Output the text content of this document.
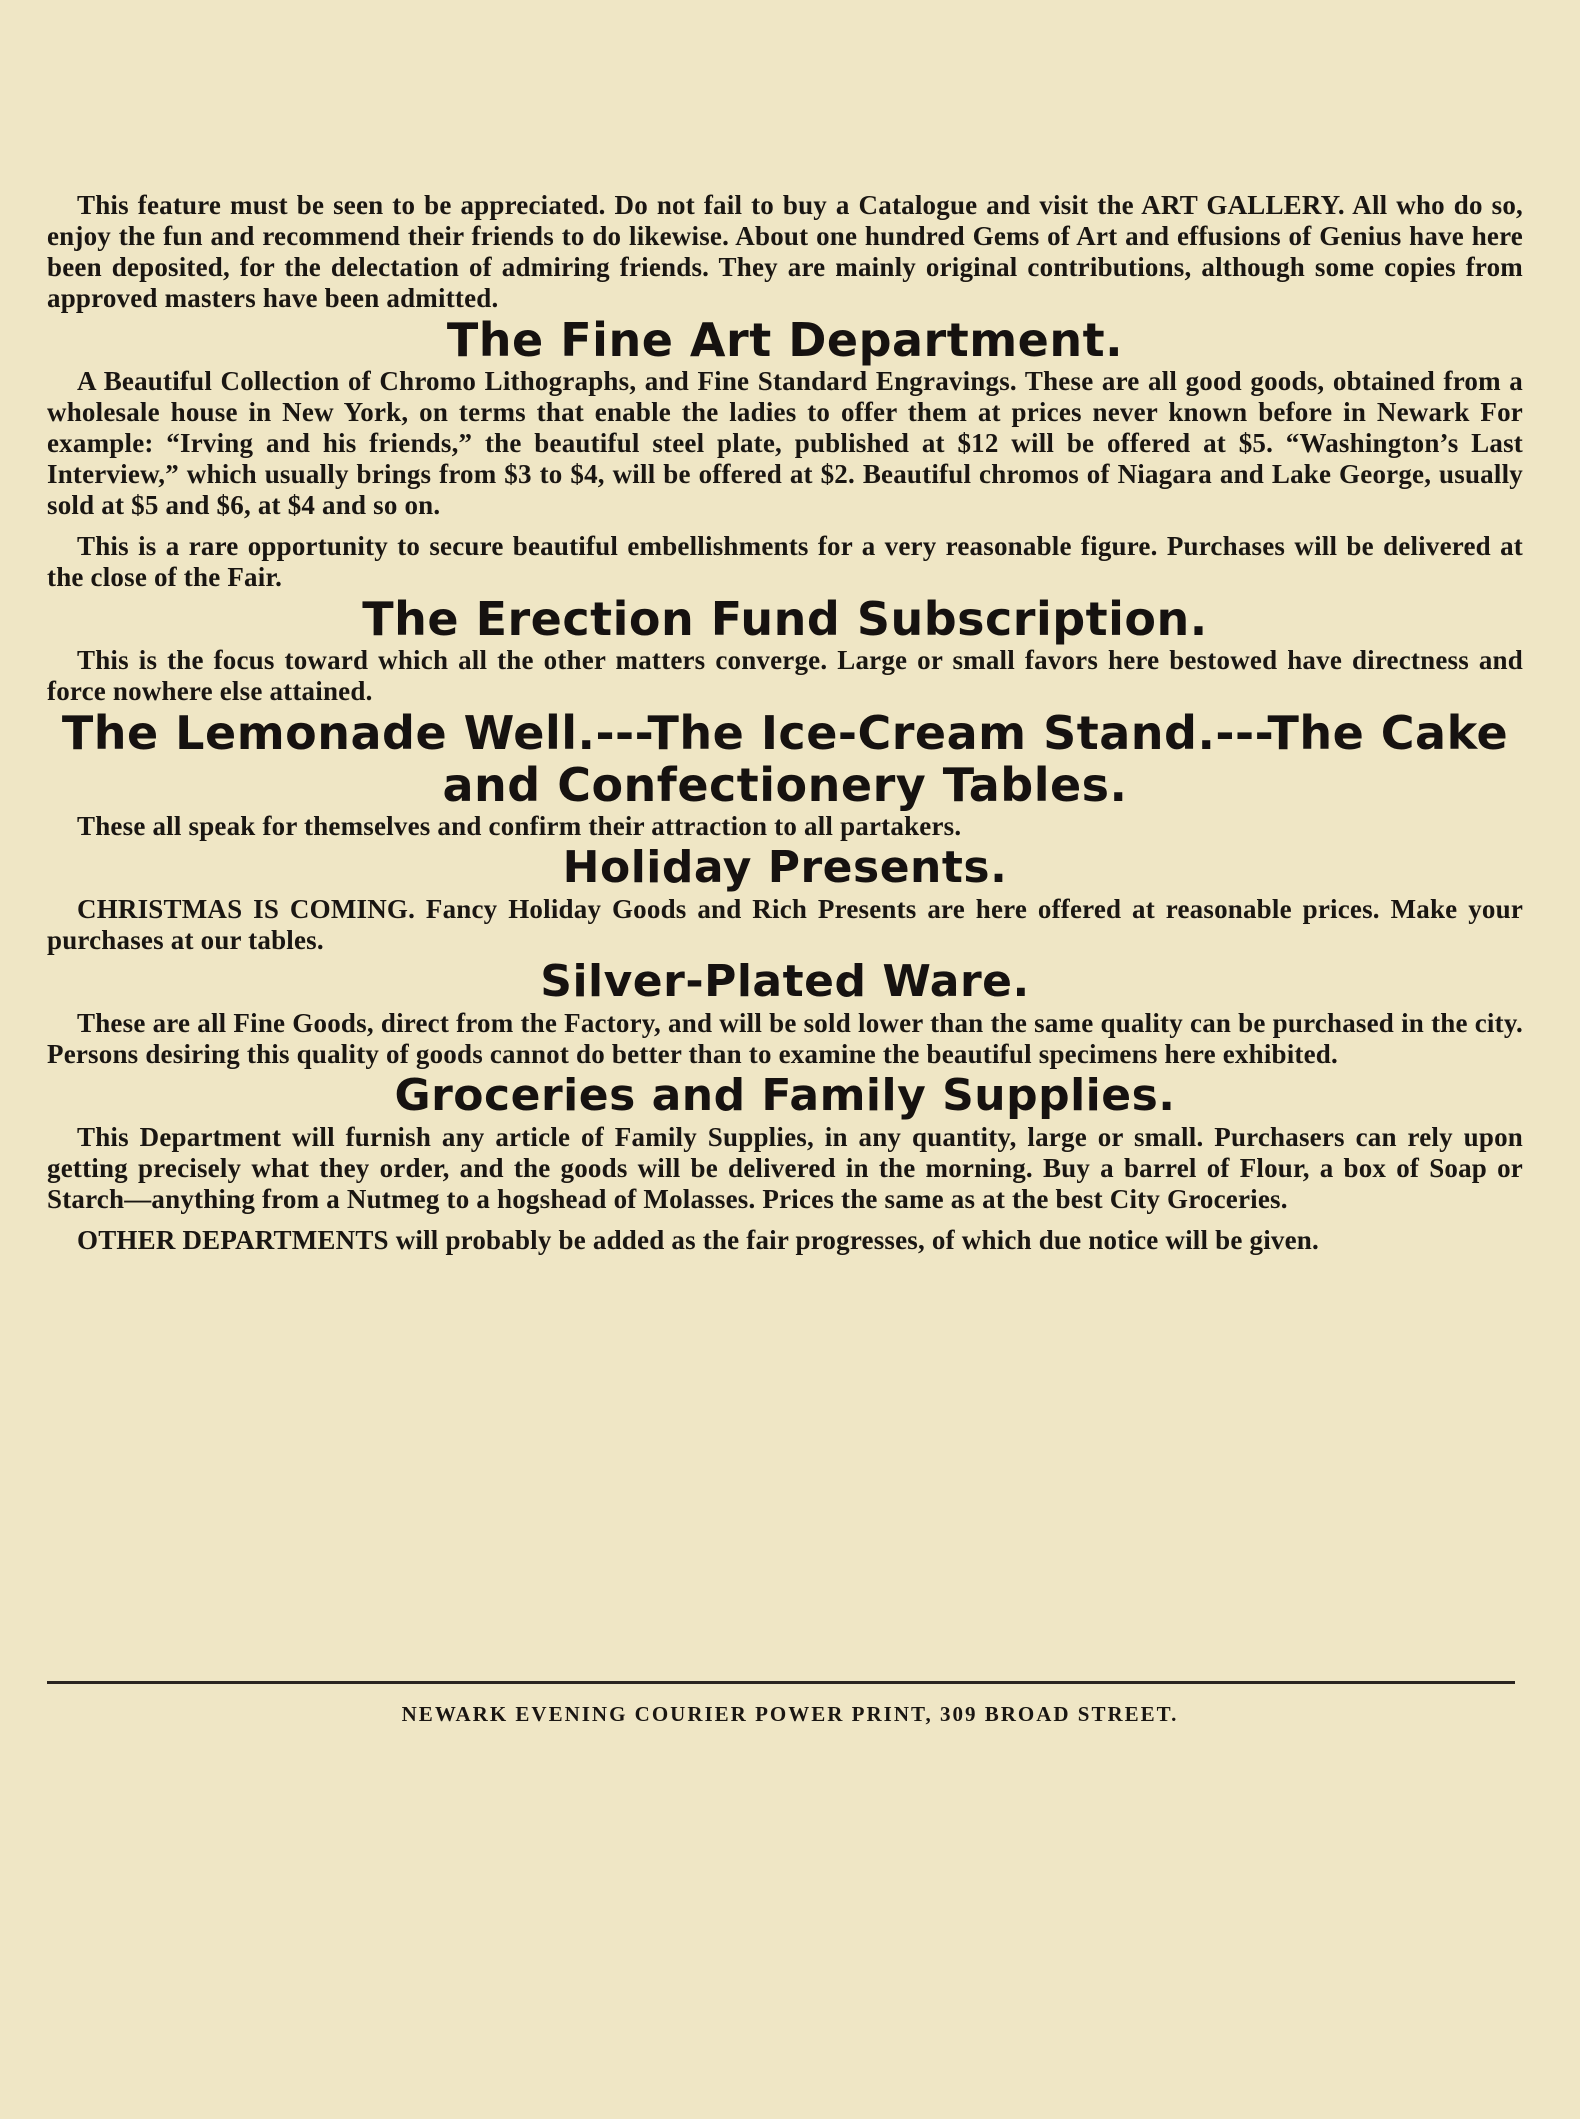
This feature must be seen to be appreciated. Do not fail to buy a Catalogue and visit the ART GALLERY. All who do so, enjoy the fun and recommend their friends to do likewise. About one hundred Gems of Art and effusions of Genius have here been deposited, for the delectation of admiring friends. They are mainly original contributions, although some copies from approved masters have been admitted.

The Fine Art Department.

A Beautiful Collection of Chromo Lithographs, and Fine Standard Engravings. These are all good goods, obtained from a wholesale house in New York, on terms that enable the ladies to offer them at prices never known before in Newark For example: “Irving and his friends,” the beautiful steel plate, published at $12 will be offered at $5. “Washington’s Last Interview,” which usually brings from $3 to $4, will be offered at $2. Beautiful chromos of Niagara and Lake George, usually sold at $5 and $6, at $4 and so on.

This is a rare opportunity to secure beautiful embellishments for a very reasonable figure. Purchases will be delivered at the close of the Fair.

The Erection Fund Subscription.

This is the focus toward which all the other matters converge. Large or small favors here bestowed have directness and force nowhere else attained.

The Lemonade Well.---The Ice-Cream Stand.---The Cake
and Confectionery Tables.

These all speak for themselves and confirm their attraction to all partakers.

Holiday Presents.

CHRISTMAS IS COMING. Fancy Holiday Goods and Rich Presents are here offered at reasonable prices. Make your purchases at our tables.

Silver-Plated Ware.

These are all Fine Goods, direct from the Factory, and will be sold lower than the same quality can be purchased in the city. Persons desiring this quality of goods cannot do better than to examine the beautiful specimens here exhibited.

Groceries and Family Supplies.

This Department will furnish any article of Family Supplies, in any quantity, large or small. Purchasers can rely upon getting precisely what they order, and the goods will be delivered in the morning. Buy a barrel of Flour, a box of Soap or Starch—anything from a Nutmeg to a hogshead of Molasses. Prices the same as at the best City Groceries.

OTHER DEPARTMENTS will probably be added as the fair progresses, of which due notice will be given.

NEWARK EVENING COURIER POWER PRINT, 309 BROAD STREET.
